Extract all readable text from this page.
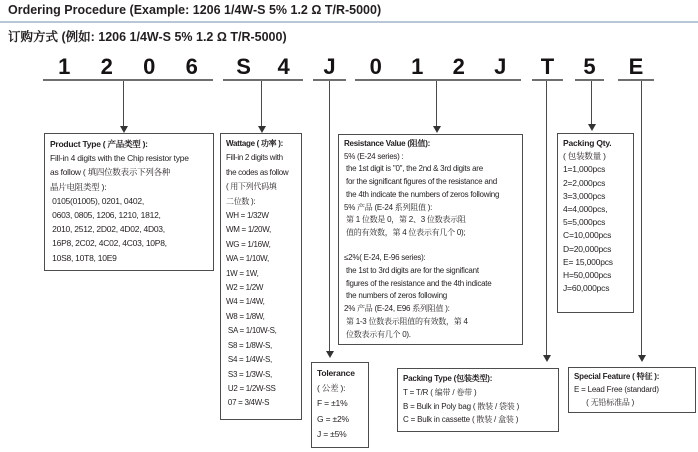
Ordering Procedure (Example: 1206 1/4W-S 5% 1.2 Ω T/R-5000)
订购方式 (例如: 1206 1/4W-S 5% 1.2 Ω T/R-5000)
1 2 0 6 S 4 J 0 1 2 J T 5 E
Product Type ( 产品类型 ):
Fill-in 4 digits with the Chip resistor type
as follow ( 填四位数表示下列各种
晶片电阻类型 ):
0105(01005), 0201, 0402,
0603, 0805, 1206, 1210, 1812,
2010, 2512, 2D02, 4D02, 4D03,
16P8, 2C02, 4C02, 4C03, 10P8,
10S8, 10T8, 10E9
Wattage ( 功率 ):
Fill-in 2 digits with
the codes as follow
( 用下列代码填
二位数 ):
WH = 1/32W
WM = 1/20W,
WG = 1/16W,
WA = 1/10W,
1W = 1W,
W2 = 1/2W
W4 = 1/4W,
W8 = 1/8W,
SA = 1/10W-S,
S8 = 1/8W-S,
S4 = 1/4W-S,
S3 = 1/3W-S,
U2 = 1/2W-SS
07 = 3/4W-S
Resistance Value (阻值):
5% (E-24 series) :
the 1st digit is "0", the 2nd & 3rd digits are
for the significant figures of the resistance and
the 4th indicate the numbers of zeros following
5% 产品 (E-24 系列阻值 ):
第 1 位数是 0，第 2、3 位数表示阻
值的有效数，第 4 位表示有几个 0);

≤2%( E-24, E-96 series):
the 1st to 3rd digits are for the significant
figures of the resistance and the 4th indicate
the numbers of zeros following
2% 产品 (E-24, E96 系列阻值 ):
第 1-3 位数表示阻值的有效数，第 4
位数表示有几个 0).
Tolerance
( 公差 ):
F = ±1%
G = ±2%
J = ±5%
Packing Qty.
( 包装数量 )
1=1,000pcs
2=2,000pcs
3=3,000pcs
4=4,000pcs,
5=5,000pcs
C=10,000pcs
D=20,000pcs
E= 15,000pcs
H=50,000pcs
J=60,000pcs
Packing Type (包装类型):
T = T/R ( 编带 / 卷带 )
B = Bulk in Poly bag ( 散装 / 袋装 )
C = Bulk in cassette ( 散装 / 盒装 )
Special Feature ( 特征 ):
E = Lead Free (standard)
( 无铅标准品 )
